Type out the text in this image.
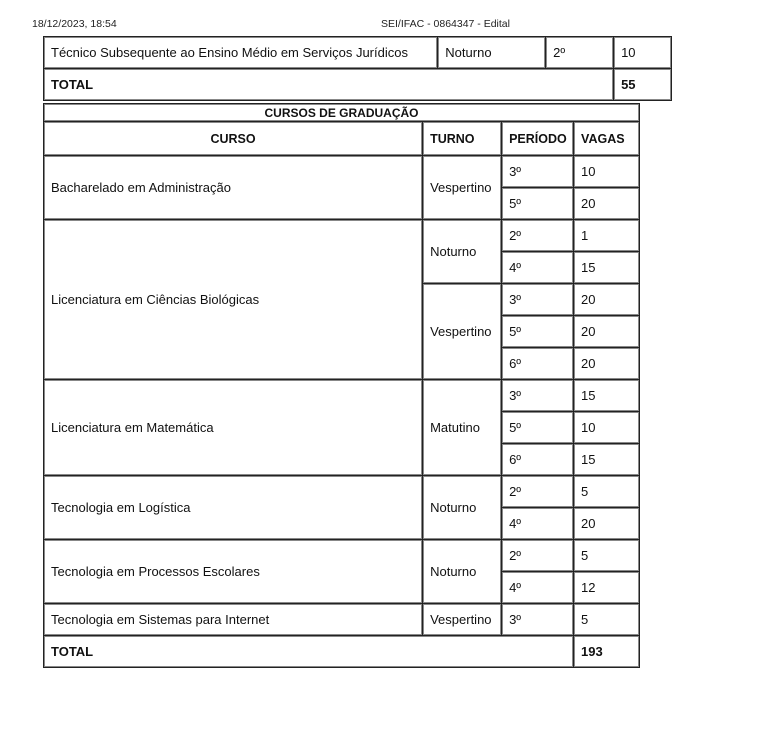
18/12/2023, 18:54	SEI/IFAC - 0864347 - Edital
Técnico Subsequente ao Ensino Médio em Serviços Jurídicos	Noturno	2º	10
TOTAL			55
CURSOS DE GRADUAÇÃO			
CURSO	TURNO	PERÍODO	VAGAS
Bacharelado em Administração	Vespertino	3º	10
		5º	20
Licenciatura em Ciências Biológicas	Noturno	2º	1
		4º	15
	Vespertino	3º	20
		5º	20
		6º	20
Licenciatura em Matemática	Matutino	3º	15
		5º	10
		6º	15
Tecnologia em Logística	Noturno	2º	5
		4º	20
Tecnologia em Processos Escolares	Noturno	2º	5
		4º	12
Tecnologia em Sistemas para Internet	Vespertino	3º	5
TOTAL			193
